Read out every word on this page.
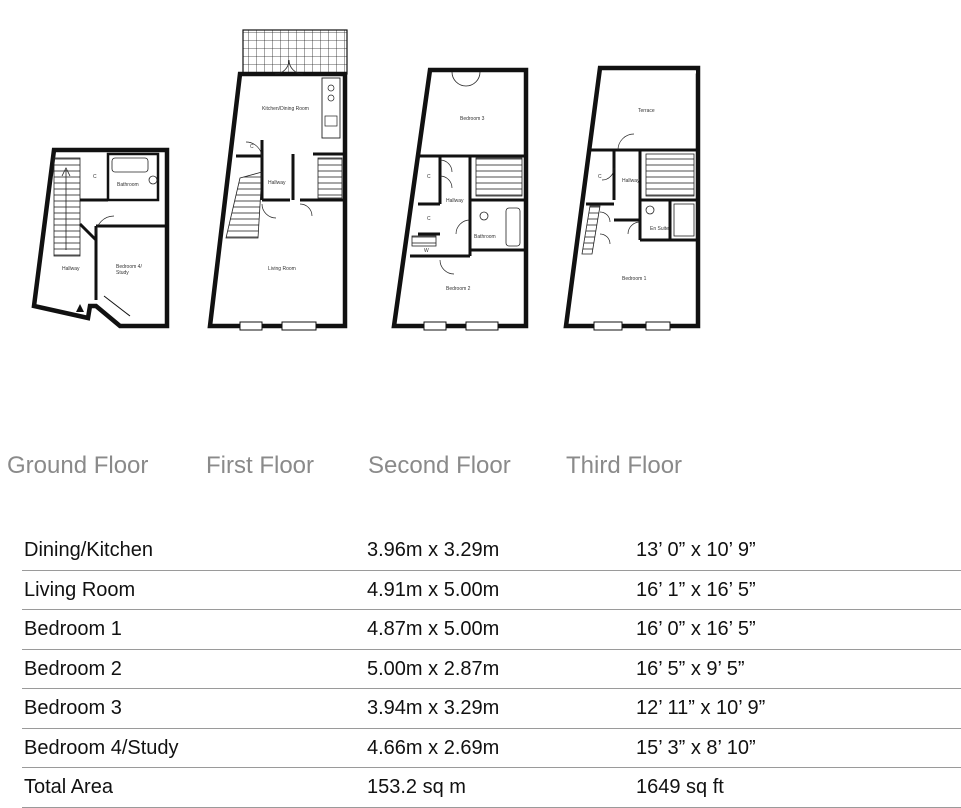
C
Bathroom
Hallway	Bedroom 4/ Study
Kitchen/Dining Room
C
Hallway
Living Room
Bedroom 3
C
Hallway
C
Bathroom
W
Bedroom 2
Terrace
C
Hallway
En Suite
Bedroom 1
Ground Floor First Floor Second Floor Third Floor
Dining/Kitchen	3.96m x 3.29m	13’ 0” x 10’ 9”
Living Room	4.91m x 5.00m	16’ 1” x 16’ 5”
Bedroom 1	4.87m x 5.00m	16’ 0” x 16’ 5”
Bedroom 2	5.00m x 2.87m	16’ 5” x 9’ 5”
Bedroom 3	3.94m x 3.29m	12’ 11” x 10’ 9”
Bedroom 4/Study	4.66m x 2.69m	15’ 3” x 8’ 10”
Total Area	153.2 sq m	1649 sq ft
